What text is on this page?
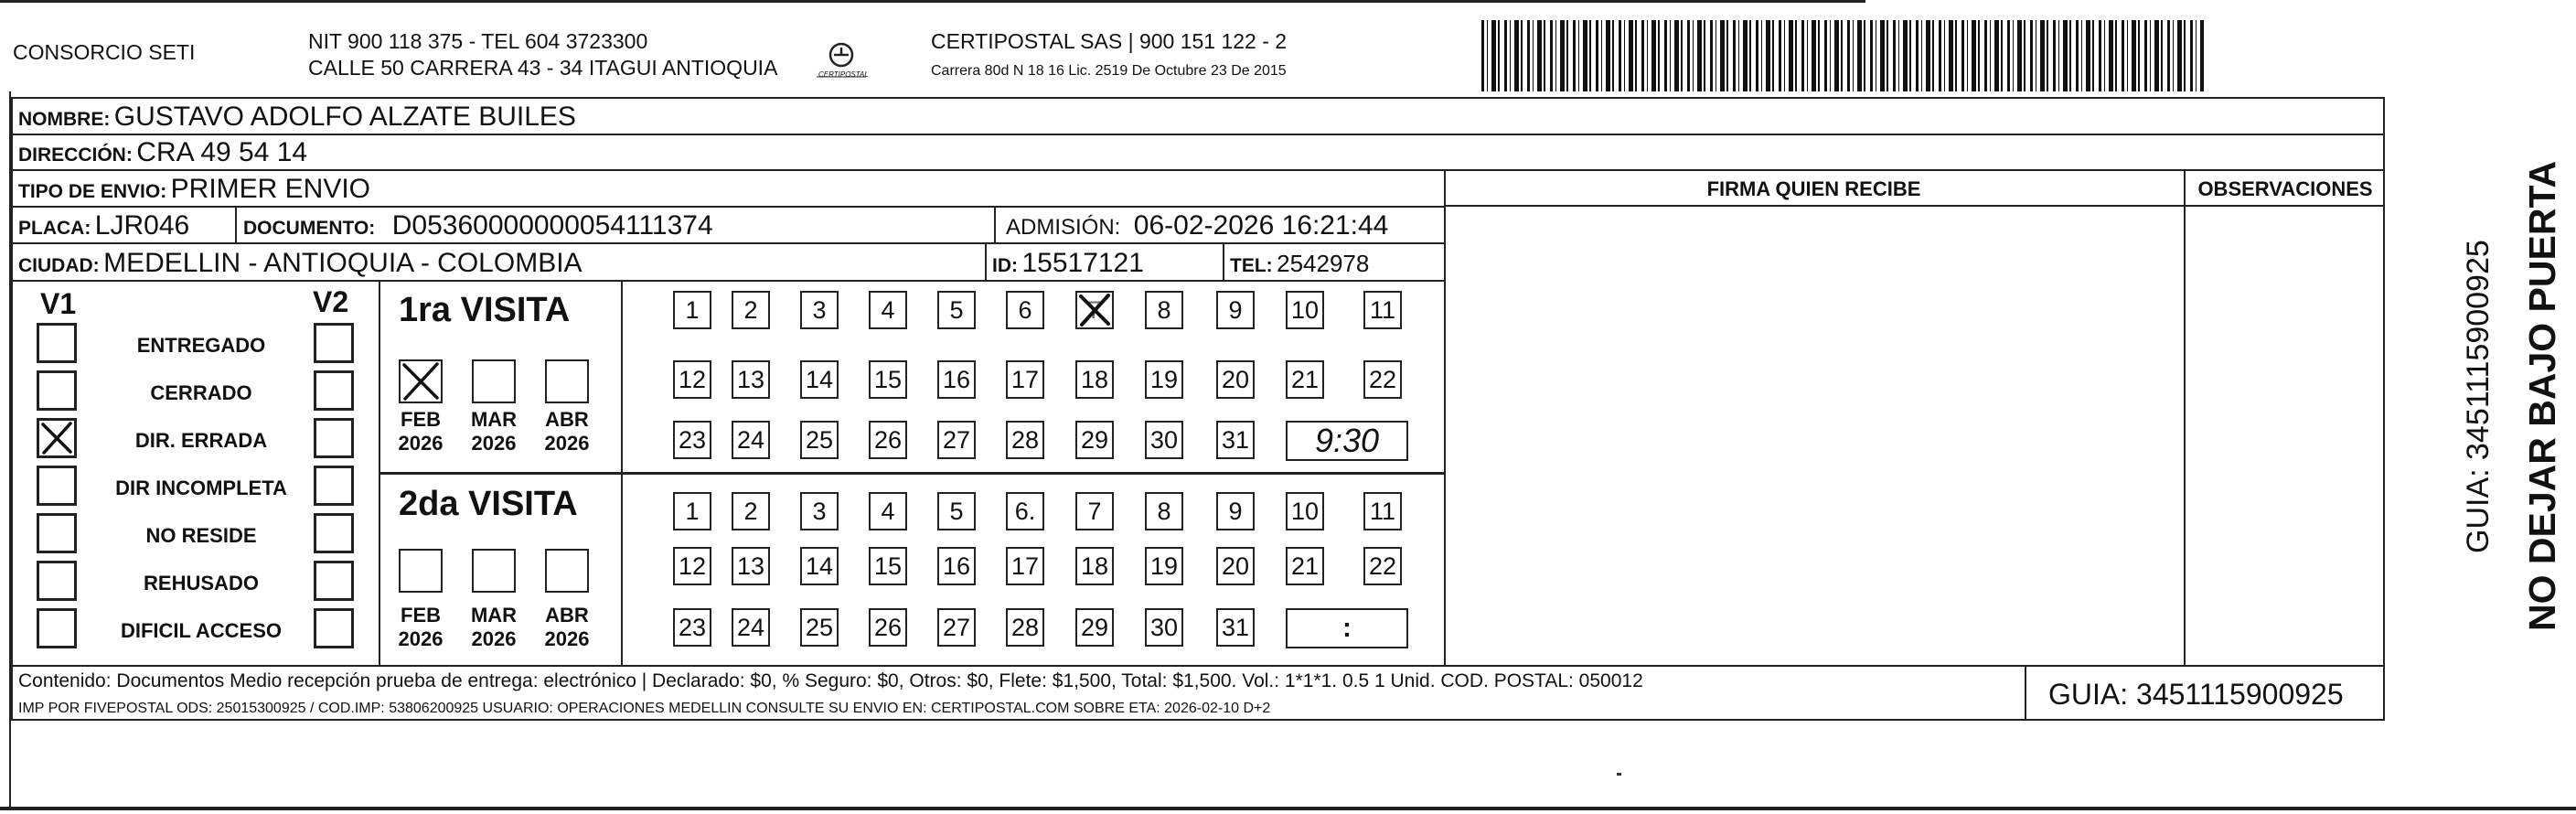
CONSORCIO SETI	NIT 900 118 375 - TEL 604 3723300
CALLE 50 CARRERA 43 - 34 ITAGUI ANTIOQUIA	CERTIPOSTAL
CERTIPOSTAL SAS | 900 151 122 - 2
Carrera 80d N 18 16 Lic. 2519 De Octubre 23 De 2015
NOMBRE: GUSTAVO ADOLFO ALZATE BUILES
DIRECCIÓN: CRA 49 54 14
TIPO DE ENVIO: PRIMER ENVIO
PLACA: LJR046	DOCUMENTO: D05360000000054111374	ADMISIÓN: 06-02-2026 16:21:44
CIUDAD: MEDELLIN - ANTIOQUIA - COLOMBIA	ID: 15517121	TEL: 2542978
FIRMA QUIEN RECIBE	OBSERVACIONES
V1	V2
ENTREGADO
CERRADO
DIR. ERRADA
DIR INCOMPLETA
NO RESIDE
REHUSADO
DIFICIL ACCESO
1ra VISITA
2da VISITA
FEB
2026
MAR
2026
ABR
2026
FEB
2026
MAR
2026
ABR
2026
1	2	3	4	5	6	7	8	9	10 11
12 13 14 15 16 17 18 19 20 21 22
23 24 25 26 27 28 29 30 31	9:30
1	2	3	4	5	6.	7	8	9	10 11
12 13 14 15 16 17 18 19 20 21 22
23 24 25 26 27 28 29 30 31	:
Contenido: Documentos Medio recepción prueba de entrega: electrónico | Declarado: $0, % Seguro: $0, Otros: $0, Flete: $1,500, Total: $1,500. Vol.: 1*1*1. 0.5 1 Unid. COD. POSTAL: 050012
IMP POR FIVEPOSTAL ODS: 25015300925 / COD.IMP: 53806200925 USUARIO: OPERACIONES MEDELLIN CONSULTE SU ENVIO EN: CERTIPOSTAL.COM SOBRE ETA: 2026-02-10 D+2	GUIA: 3451115900925
NO DEJAR BAJO PUERTA
GUIA: 3451115900925
